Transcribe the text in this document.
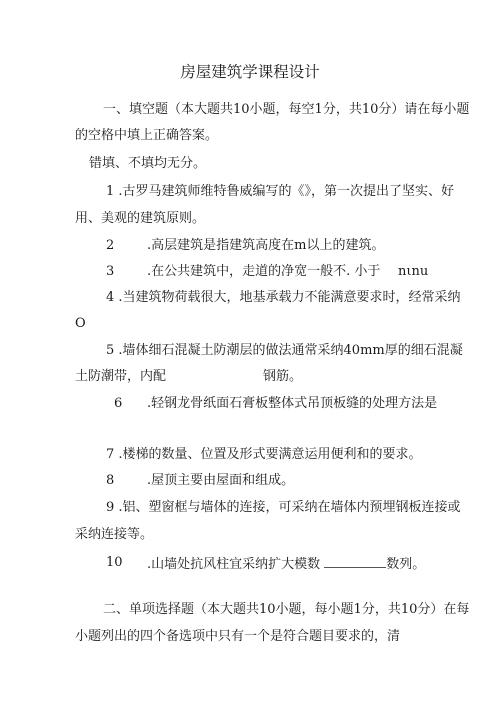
房屋建筑学课程设计
一、填空题（本大题共10小题，每空1分，共10分）请在每小题
的空格中填上正确答案。
错填、不填均无分。
1 .古罗马建筑师维特鲁威编写的《》，第一次提出了坚实、好
用、美观的建筑原则。
2	.高层建筑是指建筑高度在m以上的建筑。
3	.在公共建筑中，走道的净宽一般不. 小于 nιnu
4 .当建筑物荷载很大，地基承载力不能满意要求时，经常采纳
O
5 .墙体细石混凝土防潮层的做法通常采纳40mm厚的细石混凝
土防潮带，内配	钢筋。
6 .轻钢龙骨纸面石膏板整体式吊顶板缝的处理方法是
7 .楼梯的数量、位置及形式要满意运用便利和的要求。
8	.屋顶主要由屋面和组成。
9 .铝、塑窗框与墙体的连接，可采纳在墙体内预埋钢板连接或
采纳连接等。
10 .山墙处抗风柱宜采纳扩大模数	数列。
二、单项选择题（本大题共10小题，每小题1分，共10分）在每
小题列出的四个备选项中只有一个是符合题目要求的，清
